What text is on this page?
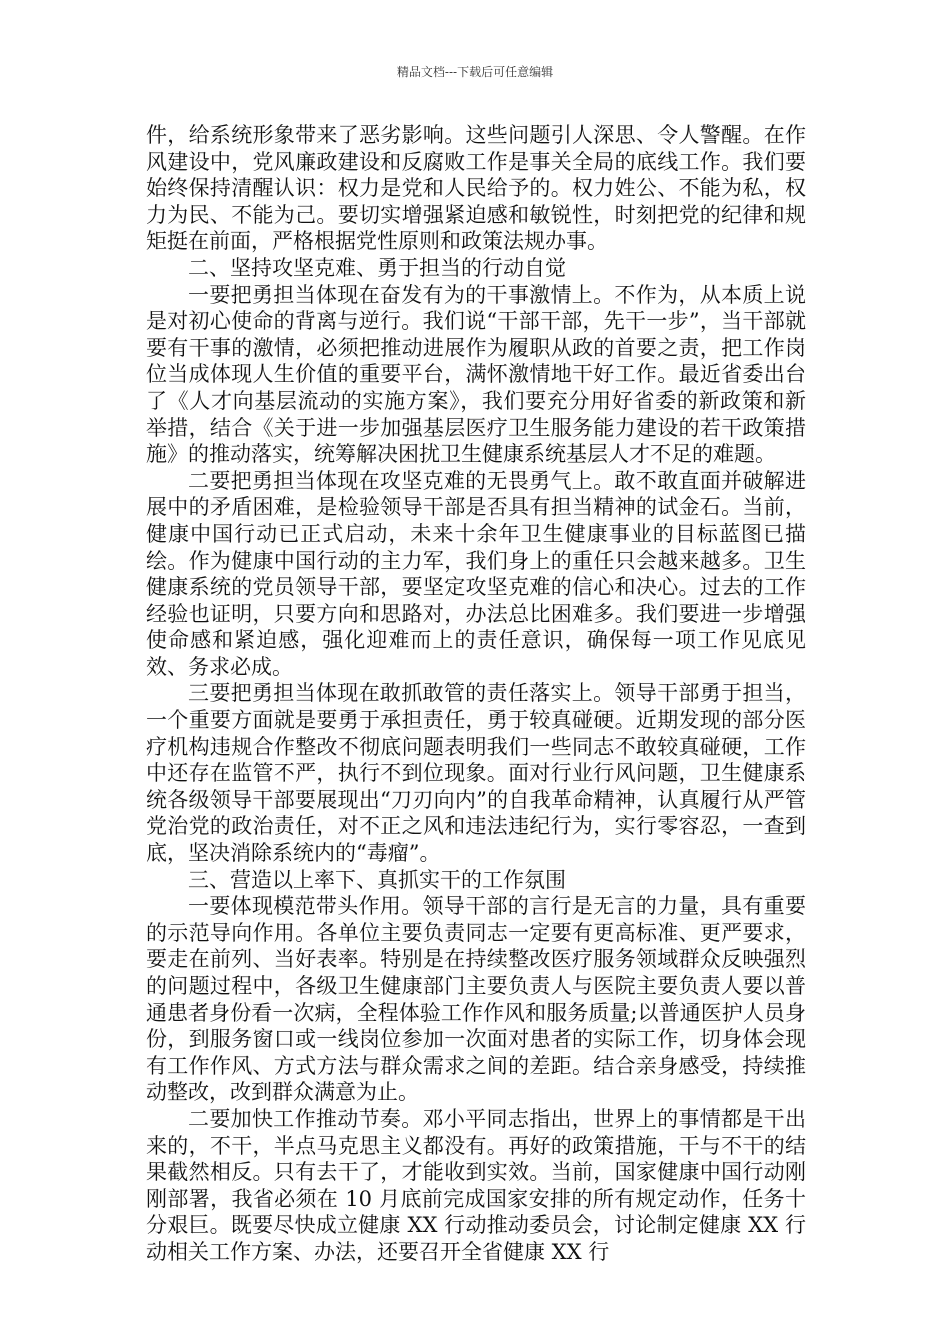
精品文档---下载后可任意编辑

件，给系统形象带来了恶劣影响。这些问题引人深思、令人警醒。在作风建设中，党风廉政建设和反腐败工作是事关全局的底线工作。我们要始终保持清醒认识：权力是党和人民给予的。权力姓公、不能为私，权力为民、不能为己。要切实增强紧迫感和敏锐性，时刻把党的纪律和规矩挺在前面，严格根据党性原则和政策法规办事。

二、坚持攻坚克难、勇于担当的行动自觉

一要把勇担当体现在奋发有为的干事激情上。不作为，从本质上说是对初心使命的背离与逆行。我们说“干部干部，先干一步”，当干部就要有干事的激情，必须把推动进展作为履职从政的首要之责，把工作岗位当成体现人生价值的重要平台，满怀激情地干好工作。最近省委出台了《人才向基层流动的实施方案》，我们要充分用好省委的新政策和新举措，结合《关于进一步加强基层医疗卫生服务能力建设的若干政策措施》的推动落实，统筹解决困扰卫生健康系统基层人才不足的难题。

二要把勇担当体现在攻坚克难的无畏勇气上。敢不敢直面并破解进展中的矛盾困难，是检验领导干部是否具有担当精神的试金石。当前，健康中国行动已正式启动，未来十余年卫生健康事业的目标蓝图已描绘。作为健康中国行动的主力军，我们身上的重任只会越来越多。卫生健康系统的党员领导干部，要坚定攻坚克难的信心和决心。过去的工作经验也证明，只要方向和思路对，办法总比困难多。我们要进一步增强使命感和紧迫感，强化迎难而上的责任意识，确保每一项工作见底见效、务求必成。

三要把勇担当体现在敢抓敢管的责任落实上。领导干部勇于担当，一个重要方面就是要勇于承担责任，勇于较真碰硬。近期发现的部分医疗机构违规合作整改不彻底问题表明我们一些同志不敢较真碰硬，工作中还存在监管不严，执行不到位现象。面对行业行风问题，卫生健康系统各级领导干部要展现出“刀刃向内”的自我革命精神，认真履行从严管党治党的政治责任，对不正之风和违法违纪行为，实行零容忍，一查到底，坚决消除系统内的“毒瘤”。

三、营造以上率下、真抓实干的工作氛围

一要体现模范带头作用。领导干部的言行是无言的力量，具有重要的示范导向作用。各单位主要负责同志一定要有更高标准、更严要求，要走在前列、当好表率。特别是在持续整改医疗服务领域群众反映强烈的问题过程中，各级卫生健康部门主要负责人与医院主要负责人要以普通患者身份看一次病，全程体验工作作风和服务质量;以普通医护人员身份，到服务窗口或一线岗位参加一次面对患者的实际工作，切身体会现有工作作风、方式方法与群众需求之间的差距。结合亲身感受，持续推动整改，改到群众满意为止。

二要加快工作推动节奏。邓小平同志指出，世界上的事情都是干出来的，不干，半点马克思主义都没有。再好的政策措施，干与不干的结果截然相反。只有去干了，才能收到实效。当前，国家健康中国行动刚刚部署，我省必须在 10 月底前完成国家安排的所有规定动作，任务十分艰巨。既要尽快成立健康 XX 行动推动委员会，讨论制定健康 XX 行动相关工作方案、办法，还要召开全省健康 XX 行
